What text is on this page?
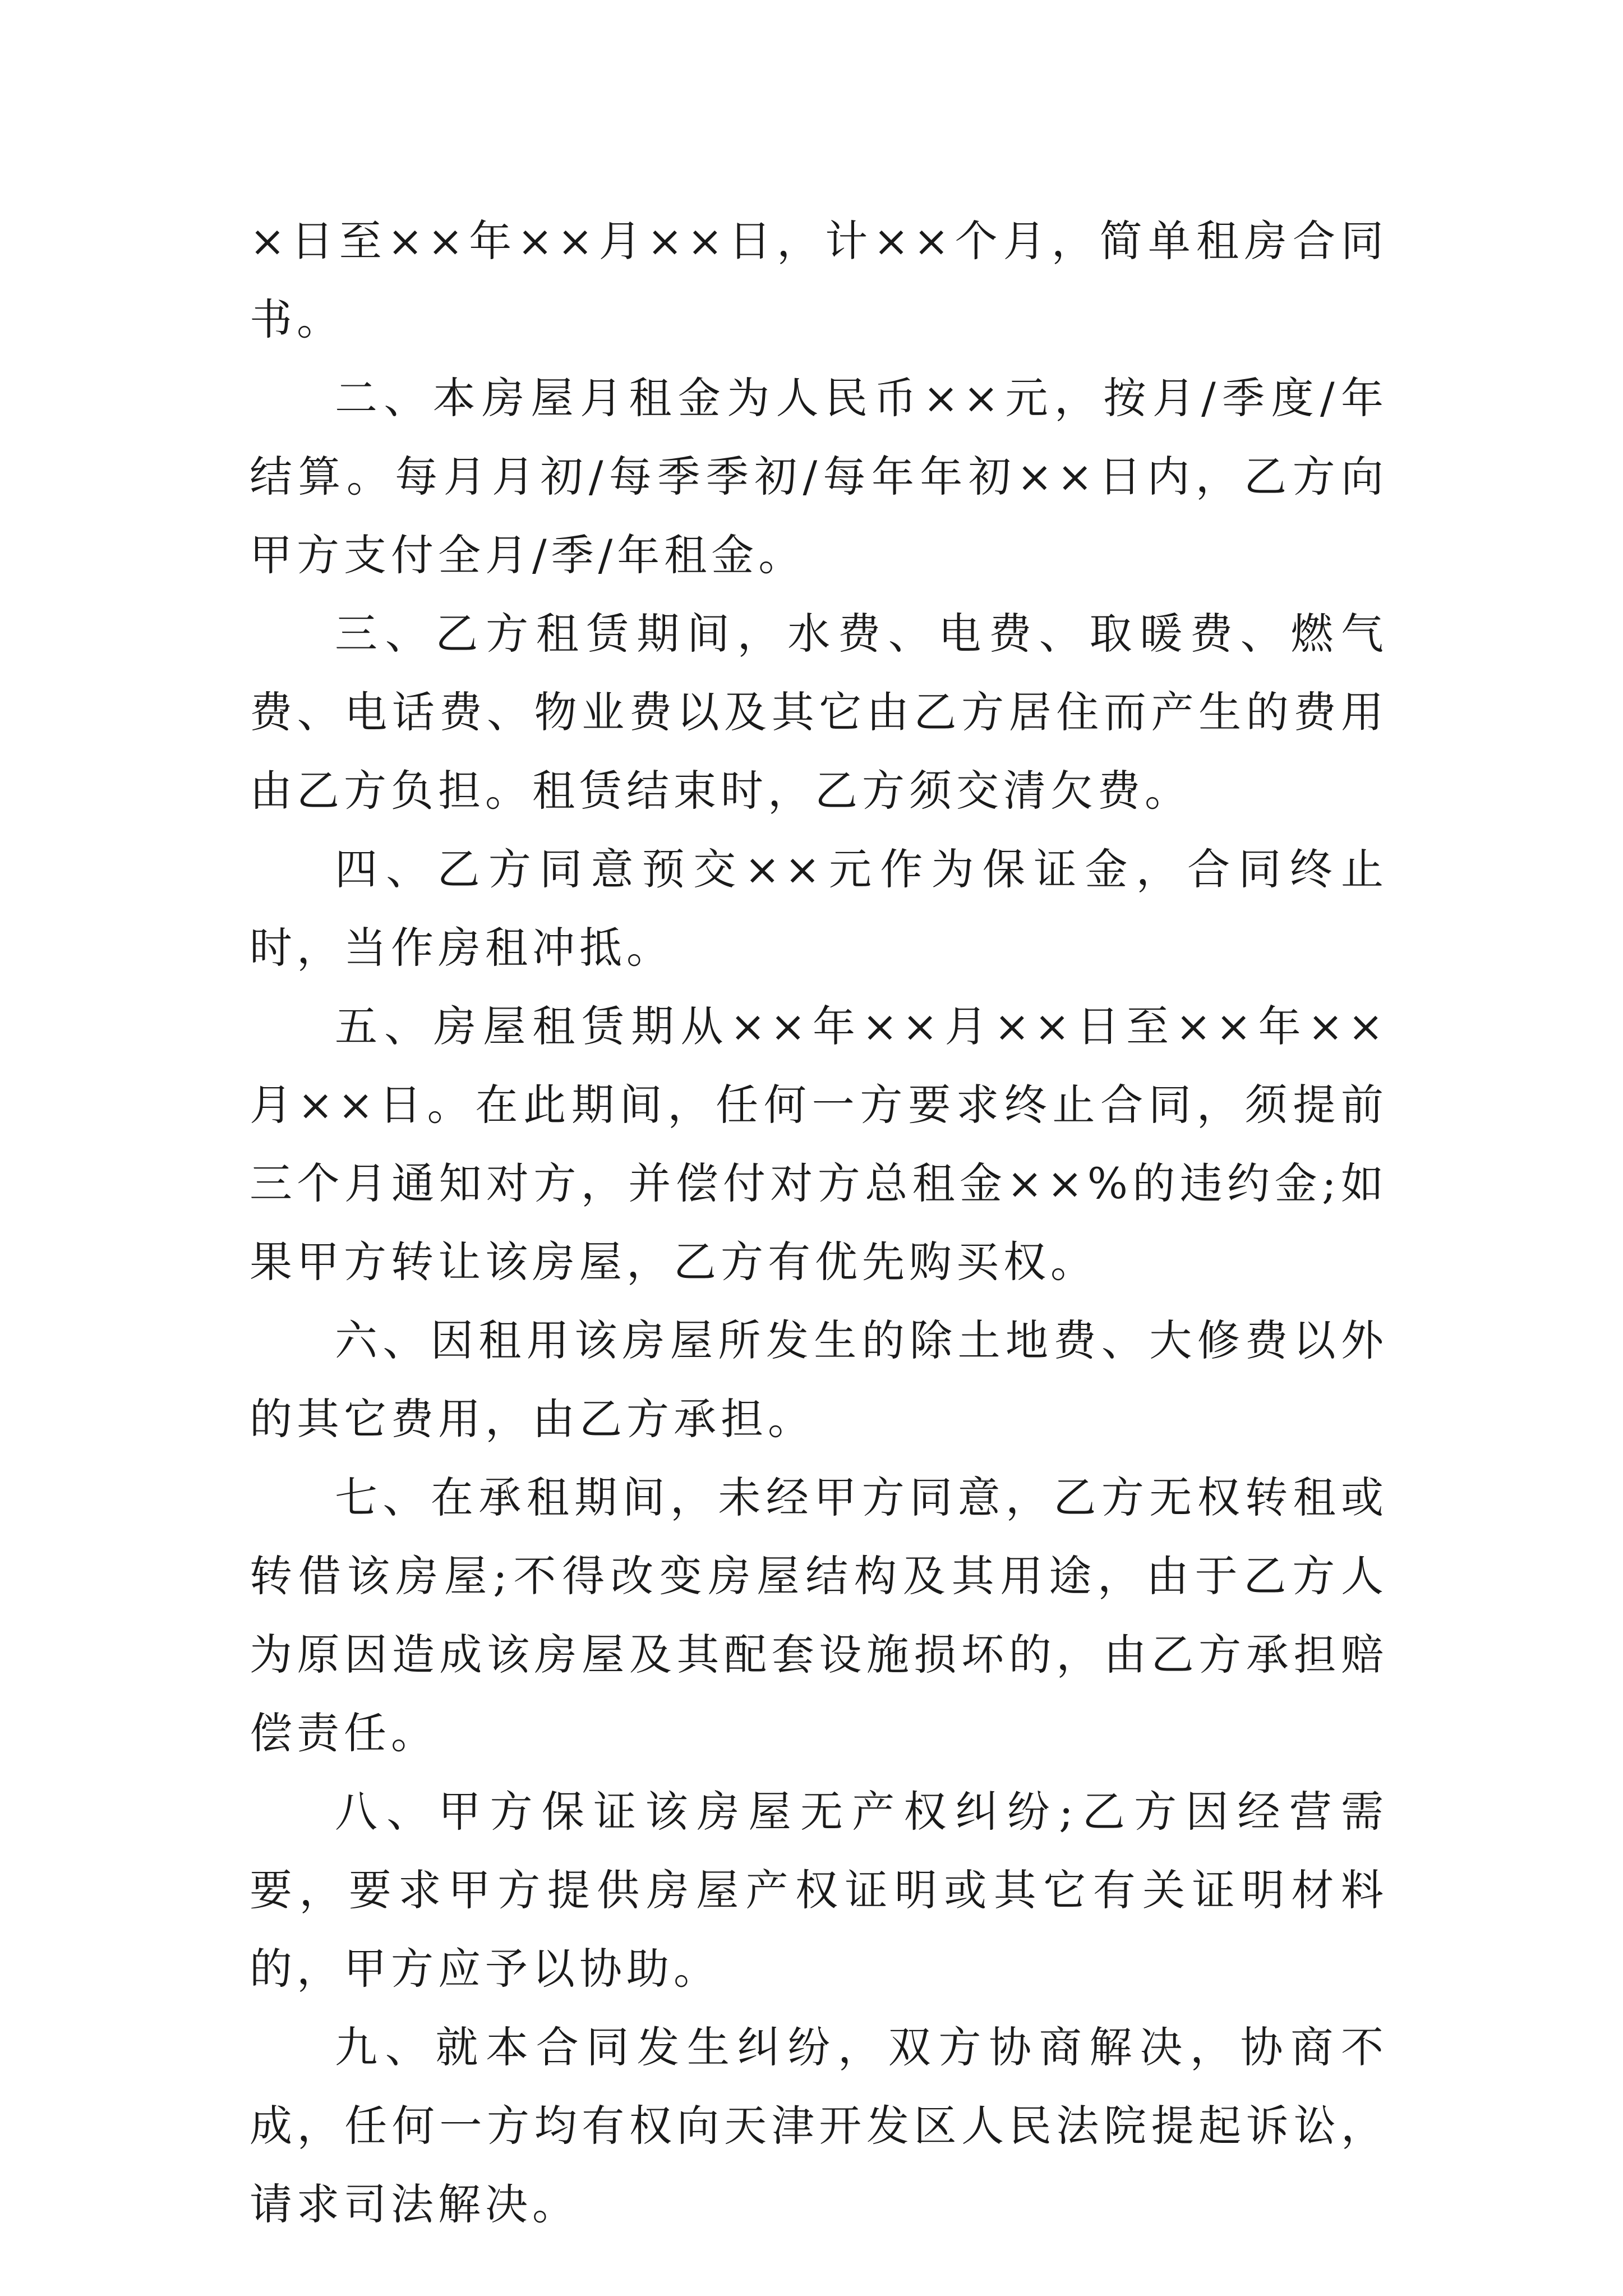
×日至××年××月××日，计××个月，简单租房合同书。

二、本房屋月租金为人民币××元，按月/季度/年结算。每月月初/每季季初/每年年初××日内，乙方向甲方支付全月/季/年租金。

三、乙方租赁期间，水费、电费、取暖费、燃气费、电话费、物业费以及其它由乙方居住而产生的费用由乙方负担。租赁结束时，乙方须交清欠费。

四、乙方同意预交××元作为保证金，合同终止时，当作房租冲抵。

五、房屋租赁期从××年××月××日至××年××月××日。在此期间，任何一方要求终止合同，须提前三个月通知对方，并偿付对方总租金××%的违约金;如果甲方转让该房屋，乙方有优先购买权。

六、因租用该房屋所发生的除土地费、大修费以外的其它费用，由乙方承担。

七、在承租期间，未经甲方同意，乙方无权转租或转借该房屋;不得改变房屋结构及其用途，由于乙方人为原因造成该房屋及其配套设施损坏的，由乙方承担赔偿责任。

八、甲方保证该房屋无产权纠纷;乙方因经营需要，要求甲方提供房屋产权证明或其它有关证明材料的，甲方应予以协助。

九、就本合同发生纠纷，双方协商解决，协商不成，任何一方均有权向天津开发区人民法院提起诉讼，请求司法解决。
